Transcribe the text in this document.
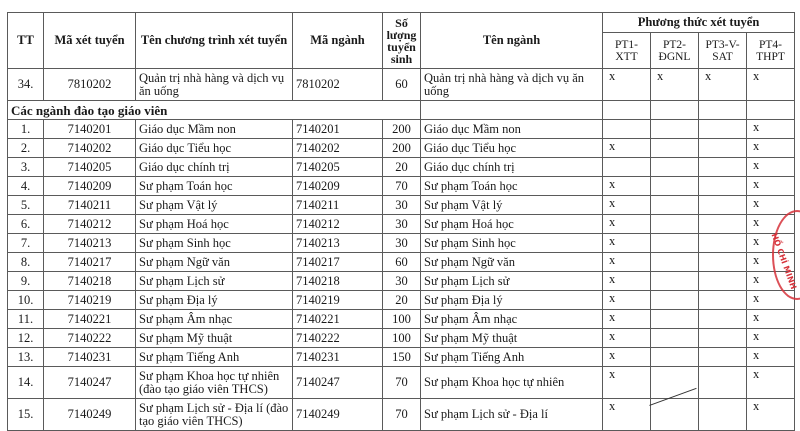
TT	Mã xét tuyển	Tên chương trình xét tuyển	Mã ngành	Số lượng tuyển sinh	Tên ngành	Phương thức xét tuyển			
						PT1-XTT	PT2-ĐGNL	PT3-V-SAT	PT4-THPT
34.	7810202	Quản trị nhà hàng và dịch vụ ăn uống	7810202	60	Quản trị nhà hàng và dịch vụ ăn uống	x	x	x	x
Các ngành đào tạo giáo viên									
1.	7140201	Giáo dục Mầm non	7140201	200	Giáo dục Mầm non				x
2.	7140202	Giáo dục Tiểu học	7140202	200	Giáo dục Tiểu học	x			x
3.	7140205	Giáo dục chính trị	7140205	20	Giáo dục chính trị				x
4.	7140209	Sư phạm Toán học	7140209	70	Sư phạm Toán học	x			x
5.	7140211	Sư phạm Vật lý	7140211	30	Sư phạm Vật lý	x			x
6.	7140212	Sư phạm Hoá học	7140212	30	Sư phạm Hoá học	x			x
7.	7140213	Sư phạm Sinh học	7140213	30	Sư phạm Sinh học	x			x
8.	7140217	Sư phạm Ngữ văn	7140217	60	Sư phạm Ngữ văn	x			x
9.	7140218	Sư phạm Lịch sử	7140218	30	Sư phạm Lịch sử	x			x
10.	7140219	Sư phạm Địa lý	7140219	20	Sư phạm Địa lý	x			x
11.	7140221	Sư phạm Âm nhạc	7140221	100	Sư phạm Âm nhạc	x			x
12.	7140222	Sư phạm Mỹ thuật	7140222	100	Sư phạm Mỹ thuật	x			x
13.	7140231	Sư phạm Tiếng Anh	7140231	150	Sư phạm Tiếng Anh	x			x
14.	7140247	Sư phạm Khoa học tự nhiên (đào tạo giáo viên THCS)	7140247	70	Sư phạm Khoa học tự nhiên	x			x
15.	7140249	Sư phạm Lịch sử - Địa lí (đào tạo giáo viên THCS)	7140249	70	Sư phạm Lịch sử - Địa lí	x			x
HỒ CHÍ MINH
